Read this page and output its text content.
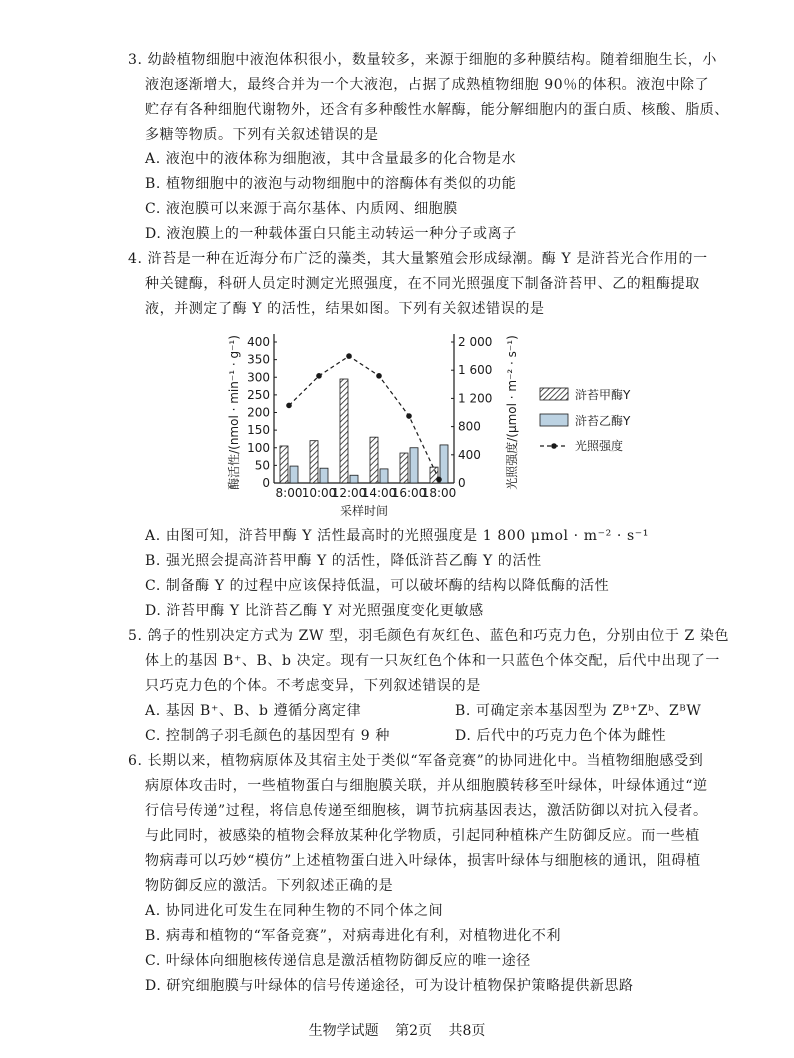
3. 幼龄植物细胞中液泡体积很小，数量较多，来源于细胞的多种膜结构。随着细胞生长，小
液泡逐渐增大，最终合并为一个大液泡，占据了成熟植物细胞 90％的体积。液泡中除了
贮存有各种细胞代谢物外，还含有多种酸性水解酶，能分解细胞内的蛋白质、核酸、脂质、
多糖等物质。下列有关叙述错误的是
A. 液泡中的液体称为细胞液，其中含量最多的化合物是水
B. 植物细胞中的液泡与动物细胞中的溶酶体有类似的功能
C. 液泡膜可以来源于高尔基体、内质网、细胞膜
D. 液泡膜上的一种载体蛋白只能主动转运一种分子或离子
4. 浒苔是一种在近海分布广泛的藻类，其大量繁殖会形成绿潮。酶 Y 是浒苔光合作用的一
种关键酶，科研人员定时测定光照强度，在不同光照强度下制备浒苔甲、乙的粗酶提取
液，并测定了酶 Y 的活性，结果如图。下列有关叙述错误的是
0
50
100
150
200
250
300
350
400
0
400
800
1 200
1 600
2 000
8:00 10:00
12:00
14:00
16:00
18:00
采样时间
酶活性/(nmol · min⁻¹ · g⁻¹)	光照强度/(μmol · m⁻² · s⁻¹)	浒苔甲酶Y
浒苔乙酶Y
光照强度
A. 由图可知，浒苔甲酶 Y 活性最高时的光照强度是 1 800 μmol · m⁻² · s⁻¹
B. 强光照会提高浒苔甲酶 Y 的活性，降低浒苔乙酶 Y 的活性
C. 制备酶 Y 的过程中应该保持低温，可以破坏酶的结构以降低酶的活性
D. 浒苔甲酶 Y 比浒苔乙酶 Y 对光照强度变化更敏感
5. 鸽子的性别决定方式为 ZW 型，羽毛颜色有灰红色、蓝色和巧克力色，分别由位于 Z 染色
体上的基因 B⁺、B、b 决定。现有一只灰红色个体和一只蓝色个体交配，后代中出现了一
只巧克力色的个体。不考虑变异，下列叙述错误的是
A. 基因 B⁺、B、b 遵循分离定律	B. 可确定亲本基因型为 Zᴮ⁺Zᵇ、ZᴮW
C. 控制鸽子羽毛颜色的基因型有 9 种	D. 后代中的巧克力色个体为雌性
6. 长期以来，植物病原体及其宿主处于类似“军备竞赛”的协同进化中。当植物细胞感受到
病原体攻击时，一些植物蛋白与细胞膜关联，并从细胞膜转移至叶绿体，叶绿体通过“逆
行信号传递”过程，将信息传递至细胞核，调节抗病基因表达，激活防御以对抗入侵者。
与此同时，被感染的植物会释放某种化学物质，引起同种植株产生防御反应。而一些植
物病毒可以巧妙“模仿”上述植物蛋白进入叶绿体，损害叶绿体与细胞核的通讯，阻碍植
物防御反应的激活。下列叙述正确的是
A. 协同进化可发生在同种生物的不同个体之间
B. 病毒和植物的“军备竞赛”，对病毒进化有利，对植物进化不利
C. 叶绿体向细胞核传递信息是激活植物防御反应的唯一途径
D. 研究细胞膜与叶绿体的信号传递途径，可为设计植物保护策略提供新思路
生物学试题 第2页 共8页
